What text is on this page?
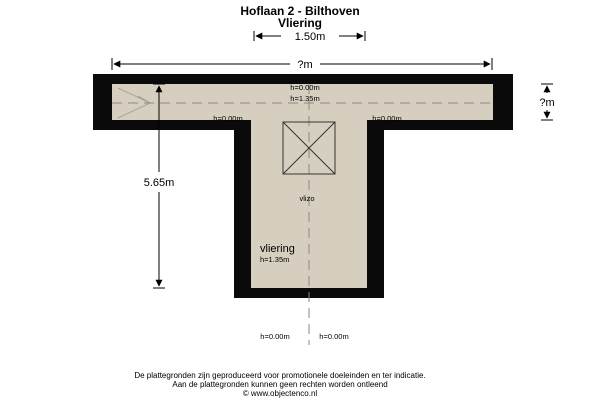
Hoflaan 2 - Bilthoven
Vliering
1.50m
?m
?m
5.65m
h=0.00m
h=1.35m
h=0.00m	h=0.00m
vlizo
vliering
h=1.35m
h=0.00m	h=0.00m
De plattegronden zijn geproduceerd voor promotionele doeleinden en ter indicatie.
Aan de plattegronden kunnen geen rechten worden ontleend
© www.objectenco.nl
